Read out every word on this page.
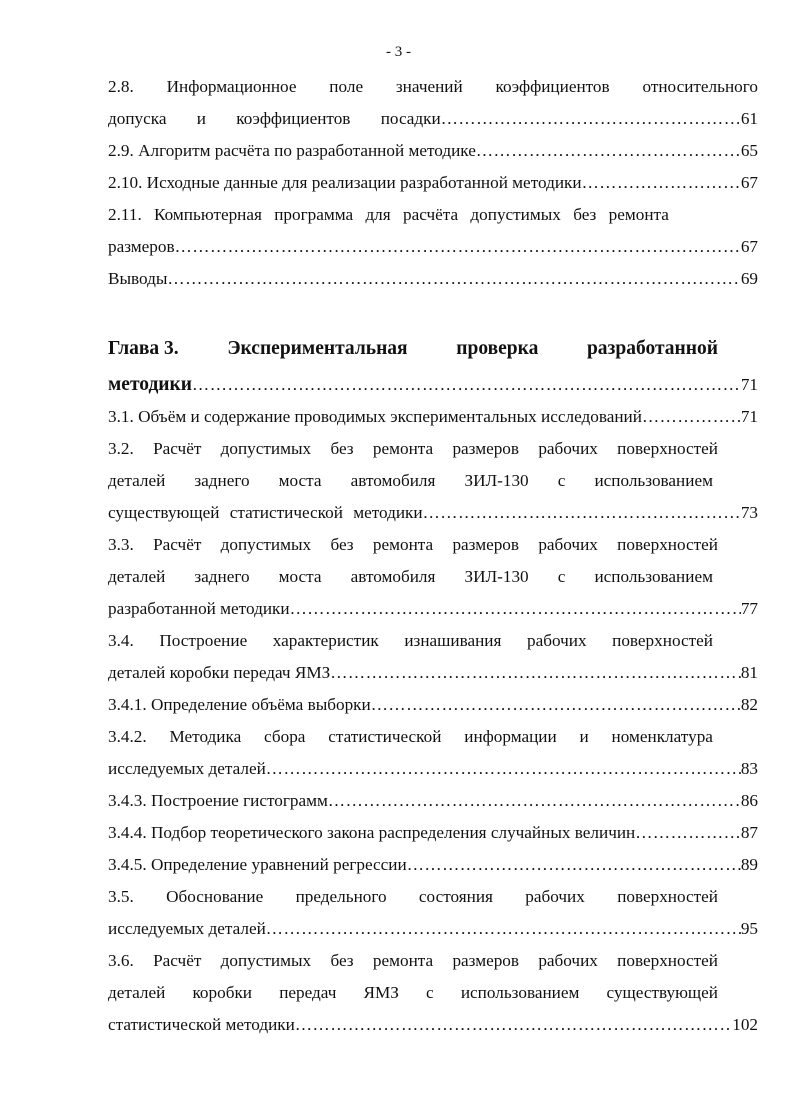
- 3 -
2.8. Информационное поле значений коэффициентов относительного
допуска и коэффициентов посадки …………………………………………………………………………………………………………………………………………………………………………………………	61
2.9. Алгоритм расчёта по разработанной методике …………………………………………………………………………………………………………………………………………………………………………………………	65
2.10. Исходные данные для реализации разработанной методики …………………………………………………………………………………………………………………………………………………………………………………………	67
2.11. Компьютерная программа для расчёта допустимых без ремонта
размеров …………………………………………………………………………………………………………………………………………………………………………………………	67
Выводы …………………………………………………………………………………………………………………………………………………………………………………………	69
Глава 3. Экспериментальная проверка разработанной
методики …………………………………………………………………………………………………………………………………………………………………………………………	71
3.1. Объём и содержание проводимых экспериментальных исследований …………………………………………………………………………………………………………………………………………………………………………………………	71
3.2. Расчёт допустимых без ремонта размеров рабочих поверхностей
деталей заднего моста автомобиля ЗИЛ-130 с использованием
существующей статистической методики …………………………………………………………………………………………………………………………………………………………………………………………	73
3.3. Расчёт допустимых без ремонта размеров рабочих поверхностей
деталей заднего моста автомобиля ЗИЛ-130 с использованием
разработанной методики …………………………………………………………………………………………………………………………………………………………………………………………	77
3.4. Построение характеристик изнашивания рабочих поверхностей
деталей коробки передач ЯМЗ …………………………………………………………………………………………………………………………………………………………………………………………	81
3.4.1. Определение объёма выборки …………………………………………………………………………………………………………………………………………………………………………………………	82
3.4.2. Методика сбора статистической информации и номенклатура
исследуемых деталей …………………………………………………………………………………………………………………………………………………………………………………………	83
3.4.3. Построение гистограмм …………………………………………………………………………………………………………………………………………………………………………………………	86
3.4.4. Подбор теоретического закона распределения случайных величин …………………………………………………………………………………………………………………………………………………………………………………………	87
3.4.5. Определение уравнений регрессии …………………………………………………………………………………………………………………………………………………………………………………………	89
3.5. Обоснование предельного состояния рабочих поверхностей
исследуемых деталей …………………………………………………………………………………………………………………………………………………………………………………………	95
3.6. Расчёт допустимых без ремонта размеров рабочих поверхностей
деталей коробки передач ЯМЗ с использованием существующей
статистической методики …………………………………………………………………………………………………………………………………………………………………………………………	102
